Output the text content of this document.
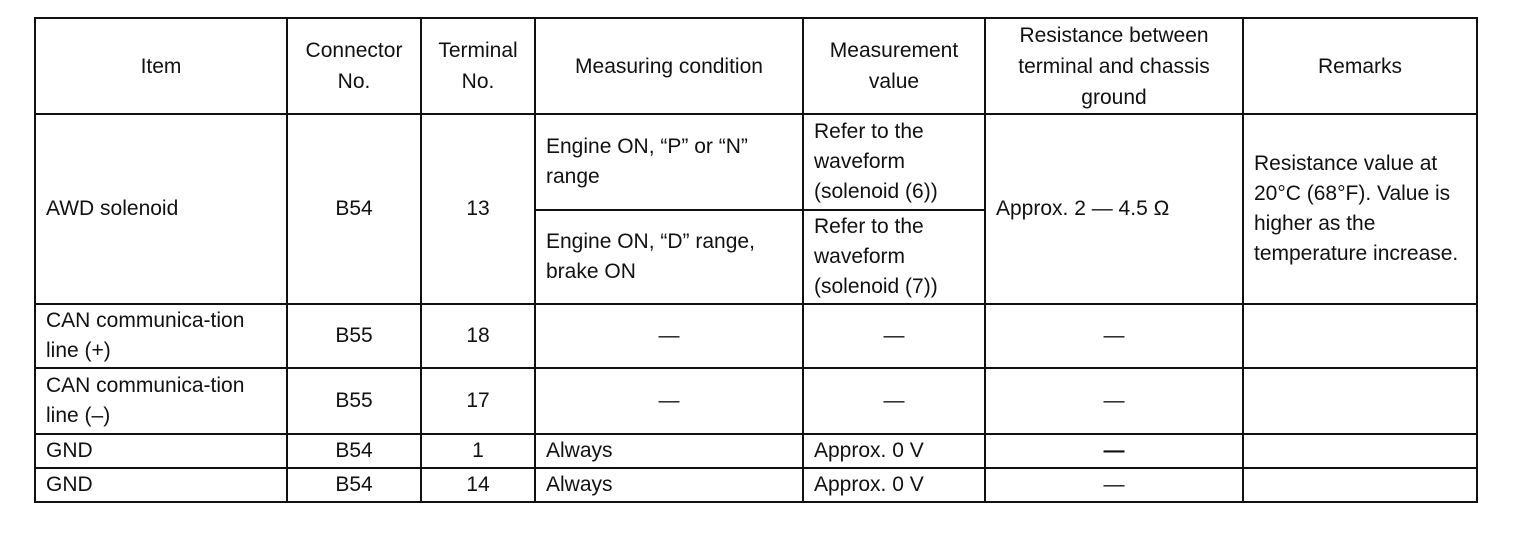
Item	Connector No.	Terminal No.	Measuring condition	Measurement value	Resistance between terminal and chassis ground	Remarks
AWD solenoid	B54	13	Engine ON, “P” or “N” range	Refer to the waveform (solenoid (6))	Approx. 2 — 4.5 Ω	Resistance value at 20°C (68°F). Value is higher as the temperature increase.
			Engine ON, “D” range, brake ON	Refer to the waveform (solenoid (7))		
CAN communica-tion line (+)	B55	18	—	—	—	
CAN communica-tion line (–)	B55	17	—	—	—	
GND	B54	1	Always	Approx. 0 V	—	
GND	B54	14	Always	Approx. 0 V	—	
